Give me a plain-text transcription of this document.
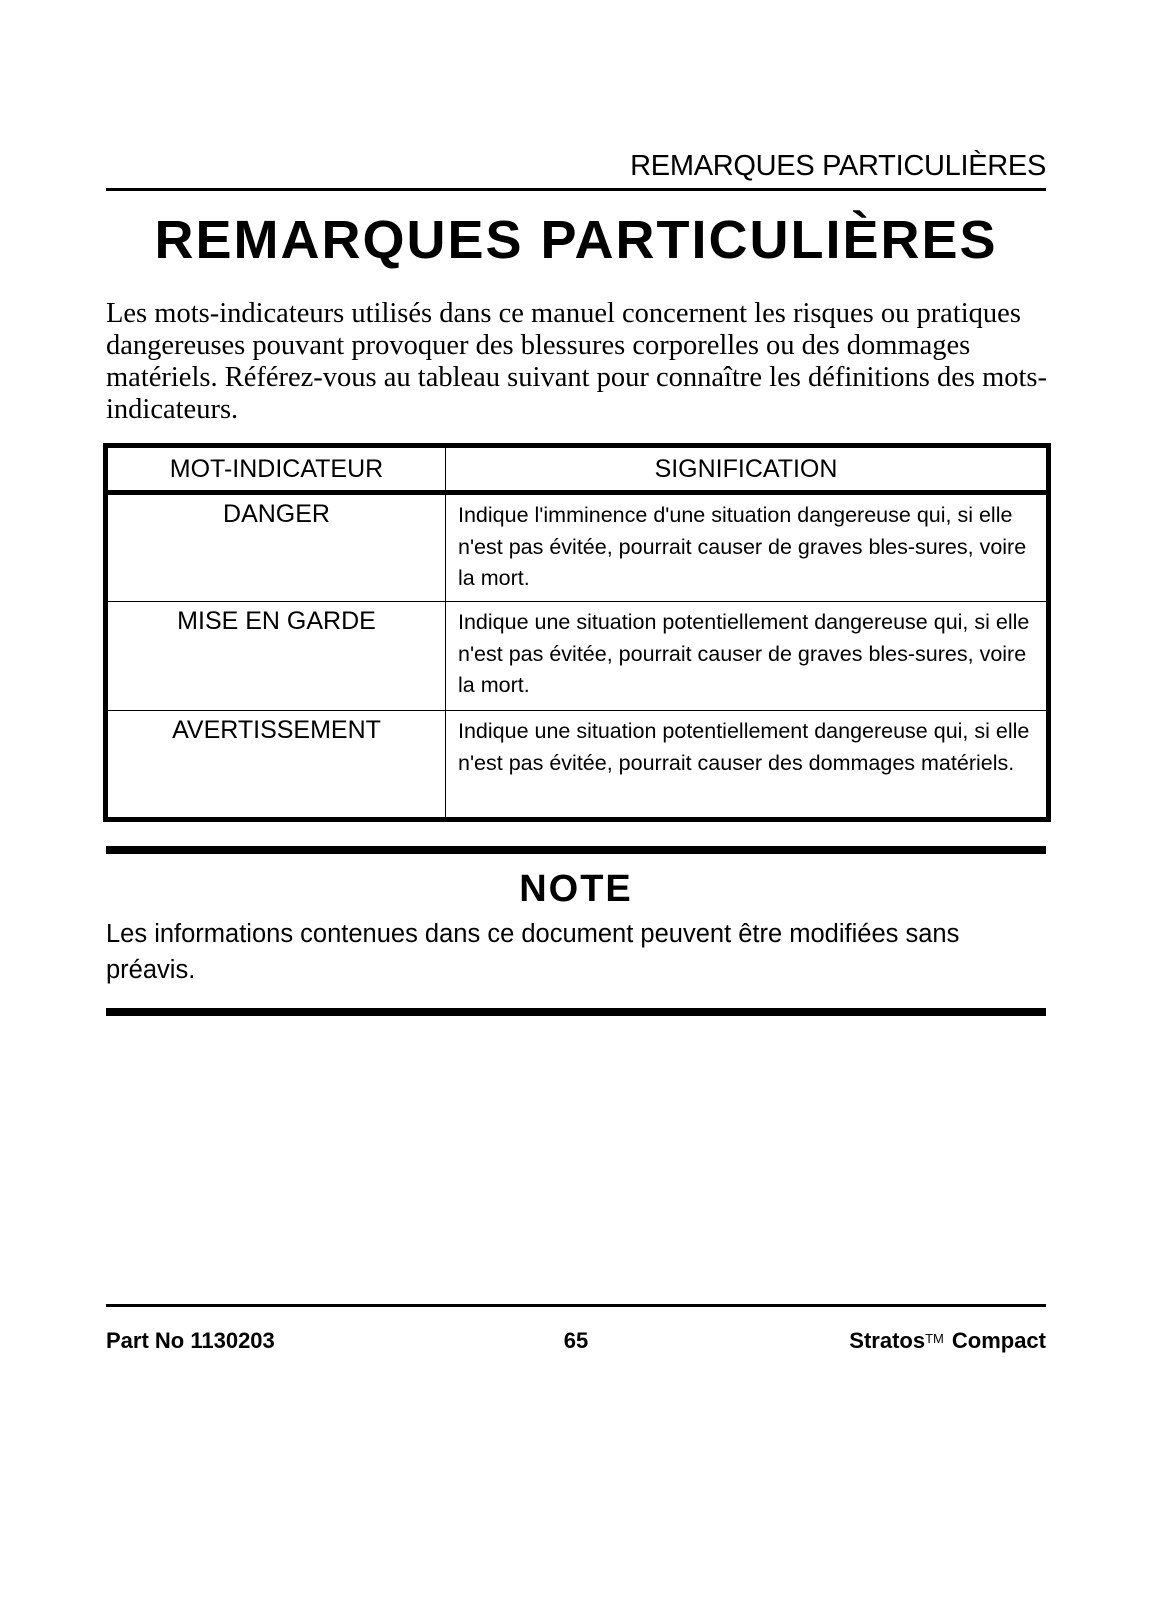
REMARQUES PARTICULIÈRES
REMARQUES PARTICULIÈRES

Les mots-indicateurs utilisés dans ce manuel concernent les risques ou pratiques dangereuses pouvant provoquer des blessures corporelles ou des dommages matériels. Référez-vous au tableau suivant pour connaître les définitions des mots-indicateurs.

MOT-INDICATEUR	SIGNIFICATION
DANGER	Indique l'imminence d'une situation dangereuse qui, si elle n'est pas évitée, pourrait causer de graves bles-sures, voire la mort.
MISE EN GARDE	Indique une situation potentiellement dangereuse qui, si elle n'est pas évitée, pourrait causer de graves bles-sures, voire la mort.
AVERTISSEMENT	Indique une situation potentiellement dangereuse qui, si elle n'est pas évitée, pourrait causer des dommages matériels.
NOTE

Les informations contenues dans ce document peuvent être modifiées sans préavis.

Part No 1130203	65	Stratos™ Compact
